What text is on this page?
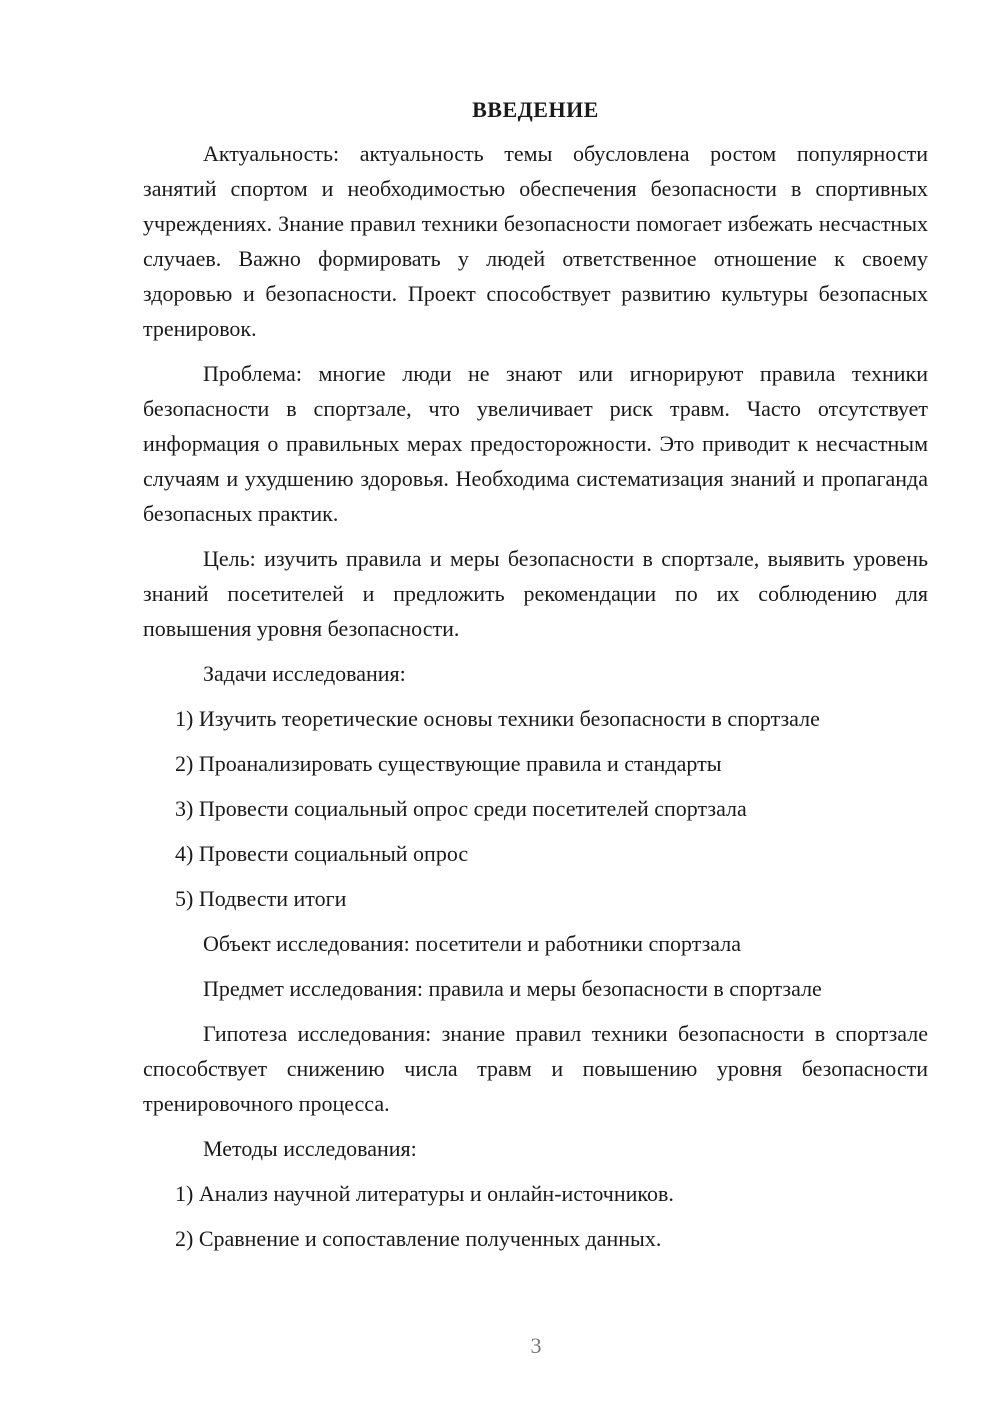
ВВЕДЕНИЕ

Актуальность: актуальность темы обусловлена ростом популярности занятий спортом и необходимостью обеспечения безопасности в спортивных учреждениях. Знание правил техники безопасности помогает избежать несчастных случаев. Важно формировать у людей ответственное отношение к своему здоровью и безопасности. Проект способствует развитию культуры безопасных тренировок.

Проблема: многие люди не знают или игнорируют правила техники безопасности в спортзале, что увеличивает риск травм. Часто отсутствует информация о правильных мерах предосторожности. Это приводит к несчастным случаям и ухудшению здоровья. Необходима систематизация знаний и пропаганда безопасных практик.

Цель: изучить правила и меры безопасности в спортзале, выявить уровень знаний посетителей и предложить рекомендации по их соблюдению для повышения уровня безопасности.

Задачи исследования:

1) Изучить теоретические основы техники безопасности в спортзале
2) Проанализировать существующие правила и стандарты
3) Провести социальный опрос среди посетителей спортзала
4) Провести социальный опрос
5) Подвести итоги

Объект исследования: посетители и работники спортзала

Предмет исследования: правила и меры безопасности в спортзале

Гипотеза исследования: знание правил техники безопасности в спортзале способствует снижению числа травм и повышению уровня безопасности тренировочного процесса.

Методы исследования:

1) Анализ научной литературы и онлайн-источников.
2) Сравнение и сопоставление полученных данных.
3
